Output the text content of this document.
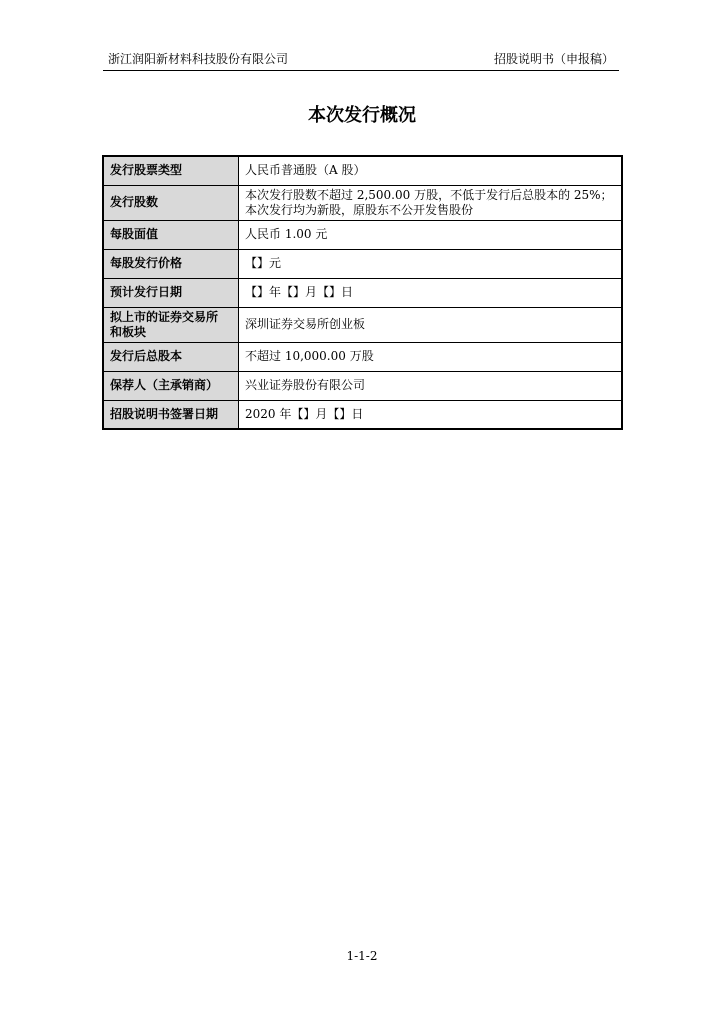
浙江润阳新材料科技股份有限公司	招股说明书（申报稿）
本次发行概况
发行股票类型	人民币普通股（A 股）
发行股数	本次发行股数不超过 2,500.00 万股，不低于发行后总股本的 25%；
本次发行均为新股，原股东不公开发售股份

每股面值	人民币 1.00 元
每股发行价格	【】元
预计发行日期	【】年【】月【】日

拟上市的证券交易所
和板块	深圳证券交易所创业板
发行后总股本	不超过 10,000.00 万股
保荐人（主承销商）	兴业证券股份有限公司
招股说明书签署日期	2020 年【】月【】日
1-1-2
